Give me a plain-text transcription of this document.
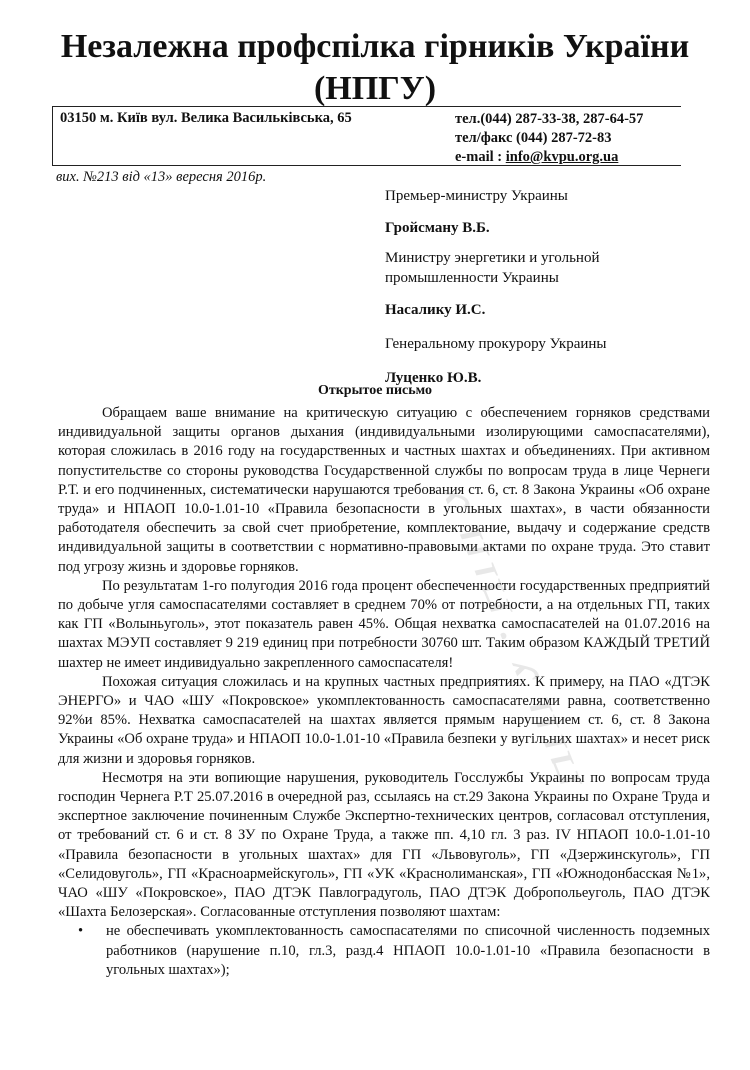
Незалежна профспілка гірників України
(НПГУ)
03150 м. Київ вул. Велика Васильківська, 65	тел.(044) 287-33-38, 287-64-57
тел/факс (044) 287-72-83
e-mail : info@kvpu.org.ua
вих. №213 від «13» вересня 2016р.

Премьер-министру Украины

Гройсману В.Б.

Министру энергетики и угольной промышленности Украины

Насалику И.С.

Генеральному прокурору Украины

Луценко Ю.В.

Открытое письмо

Обращаем ваше внимание на критическую ситуацию с обеспечением горняков средствами индивидуальной защиты органов дыхания (индивидуальными изолирующими самоспасателями), которая сложилась в 2016 году на государственных и частных шахтах и объединениях. При активном попустительстве со стороны руководства Государственной службы по вопросам труда в лице Чернеги Р.Т. и его подчиненных, систематически нарушаются требования ст. 6, ст. 8 Закона Украины «Об охране труда» и НПАОП 10.0-1.01-10 «Правила безопасности в угольных шахтах», в части обязанности работодателя обеспечить за свой счет приобретение, комплектование, выдачу и содержание средств индивидуальной защиты в соответствии с нормативно-правовыми актами по охране труда. Это ставит под угрозу жизнь и здоровье горняков.

По результатам 1-го полугодия 2016 года процент обеспеченности государственных предприятий по добыче угля самоспасателями составляет в среднем 70% от потребности, а на отдельных ГП, таких как ГП «Волыньуголь», этот показатель равен 45%. Общая нехватка самоспасателей на 01.07.2016 на шахтах МЭУП составляет 9 219 единиц при потребности 30760 шт. Таким образом КАЖДЫЙ ТРЕТИЙ шахтер не имеет индивидуально закрепленного самоспасателя!

Похожая ситуация сложилась и на крупных частных предприятиях. К примеру, на ПАО «ДТЭК ЭНЕРГО» и ЧАО «ШУ «Покровское» укомплектованность самоспасателями равна, соответственно 92%и 85%. Нехватка самоспасателей на шахтах является прямым нарушением ст. 6, ст. 8 Закона Украины «Об охране труда» и НПАОП 10.0-1.01-10 «Правила безпеки у вугільних шахтах» и несет риск для жизни и здоровья горняков.

Несмотря на эти вопиющие нарушения, руководитель Госслужбы Украины по вопросам труда господин Чернега Р.Т 25.07.2016 в очередной раз, ссылаясь на ст.29 Закона Украины по Охране Труда и экспертное заключение починенным Службе Экспертно-технических центров, согласовал отступления, от требований ст. 6 и ст. 8 ЗУ по Охране Труда, а также пп. 4,10 гл. 3 раз. IV НПАОП 10.0-1.01-10 «Правила безопасности в угольных шахтах» для ГП «Львовуголь», ГП «Дзержинскуголь», ГП «Селидовуголь», ГП «Красноармейскуголь», ГП «УК «Краснолиманская», ГП «Южнодонбасская №1», ЧАО «ШУ «Покровское», ПАО ДТЭК Павлоградуголь, ПАО ДТЭК Добропольеуголь, ПАО ДТЭК «Шахта Белозерская». Согласованные отступления позволяют шахтам:

• не обеспечивать укомплектованность самоспасателями по списочной численность подземных работников (нарушение п.10, гл.3, разд.4 НПАОП 10.0-1.01-10 «Правила безопасности в угольных шахтах»);
НПГУ · НПГУ
